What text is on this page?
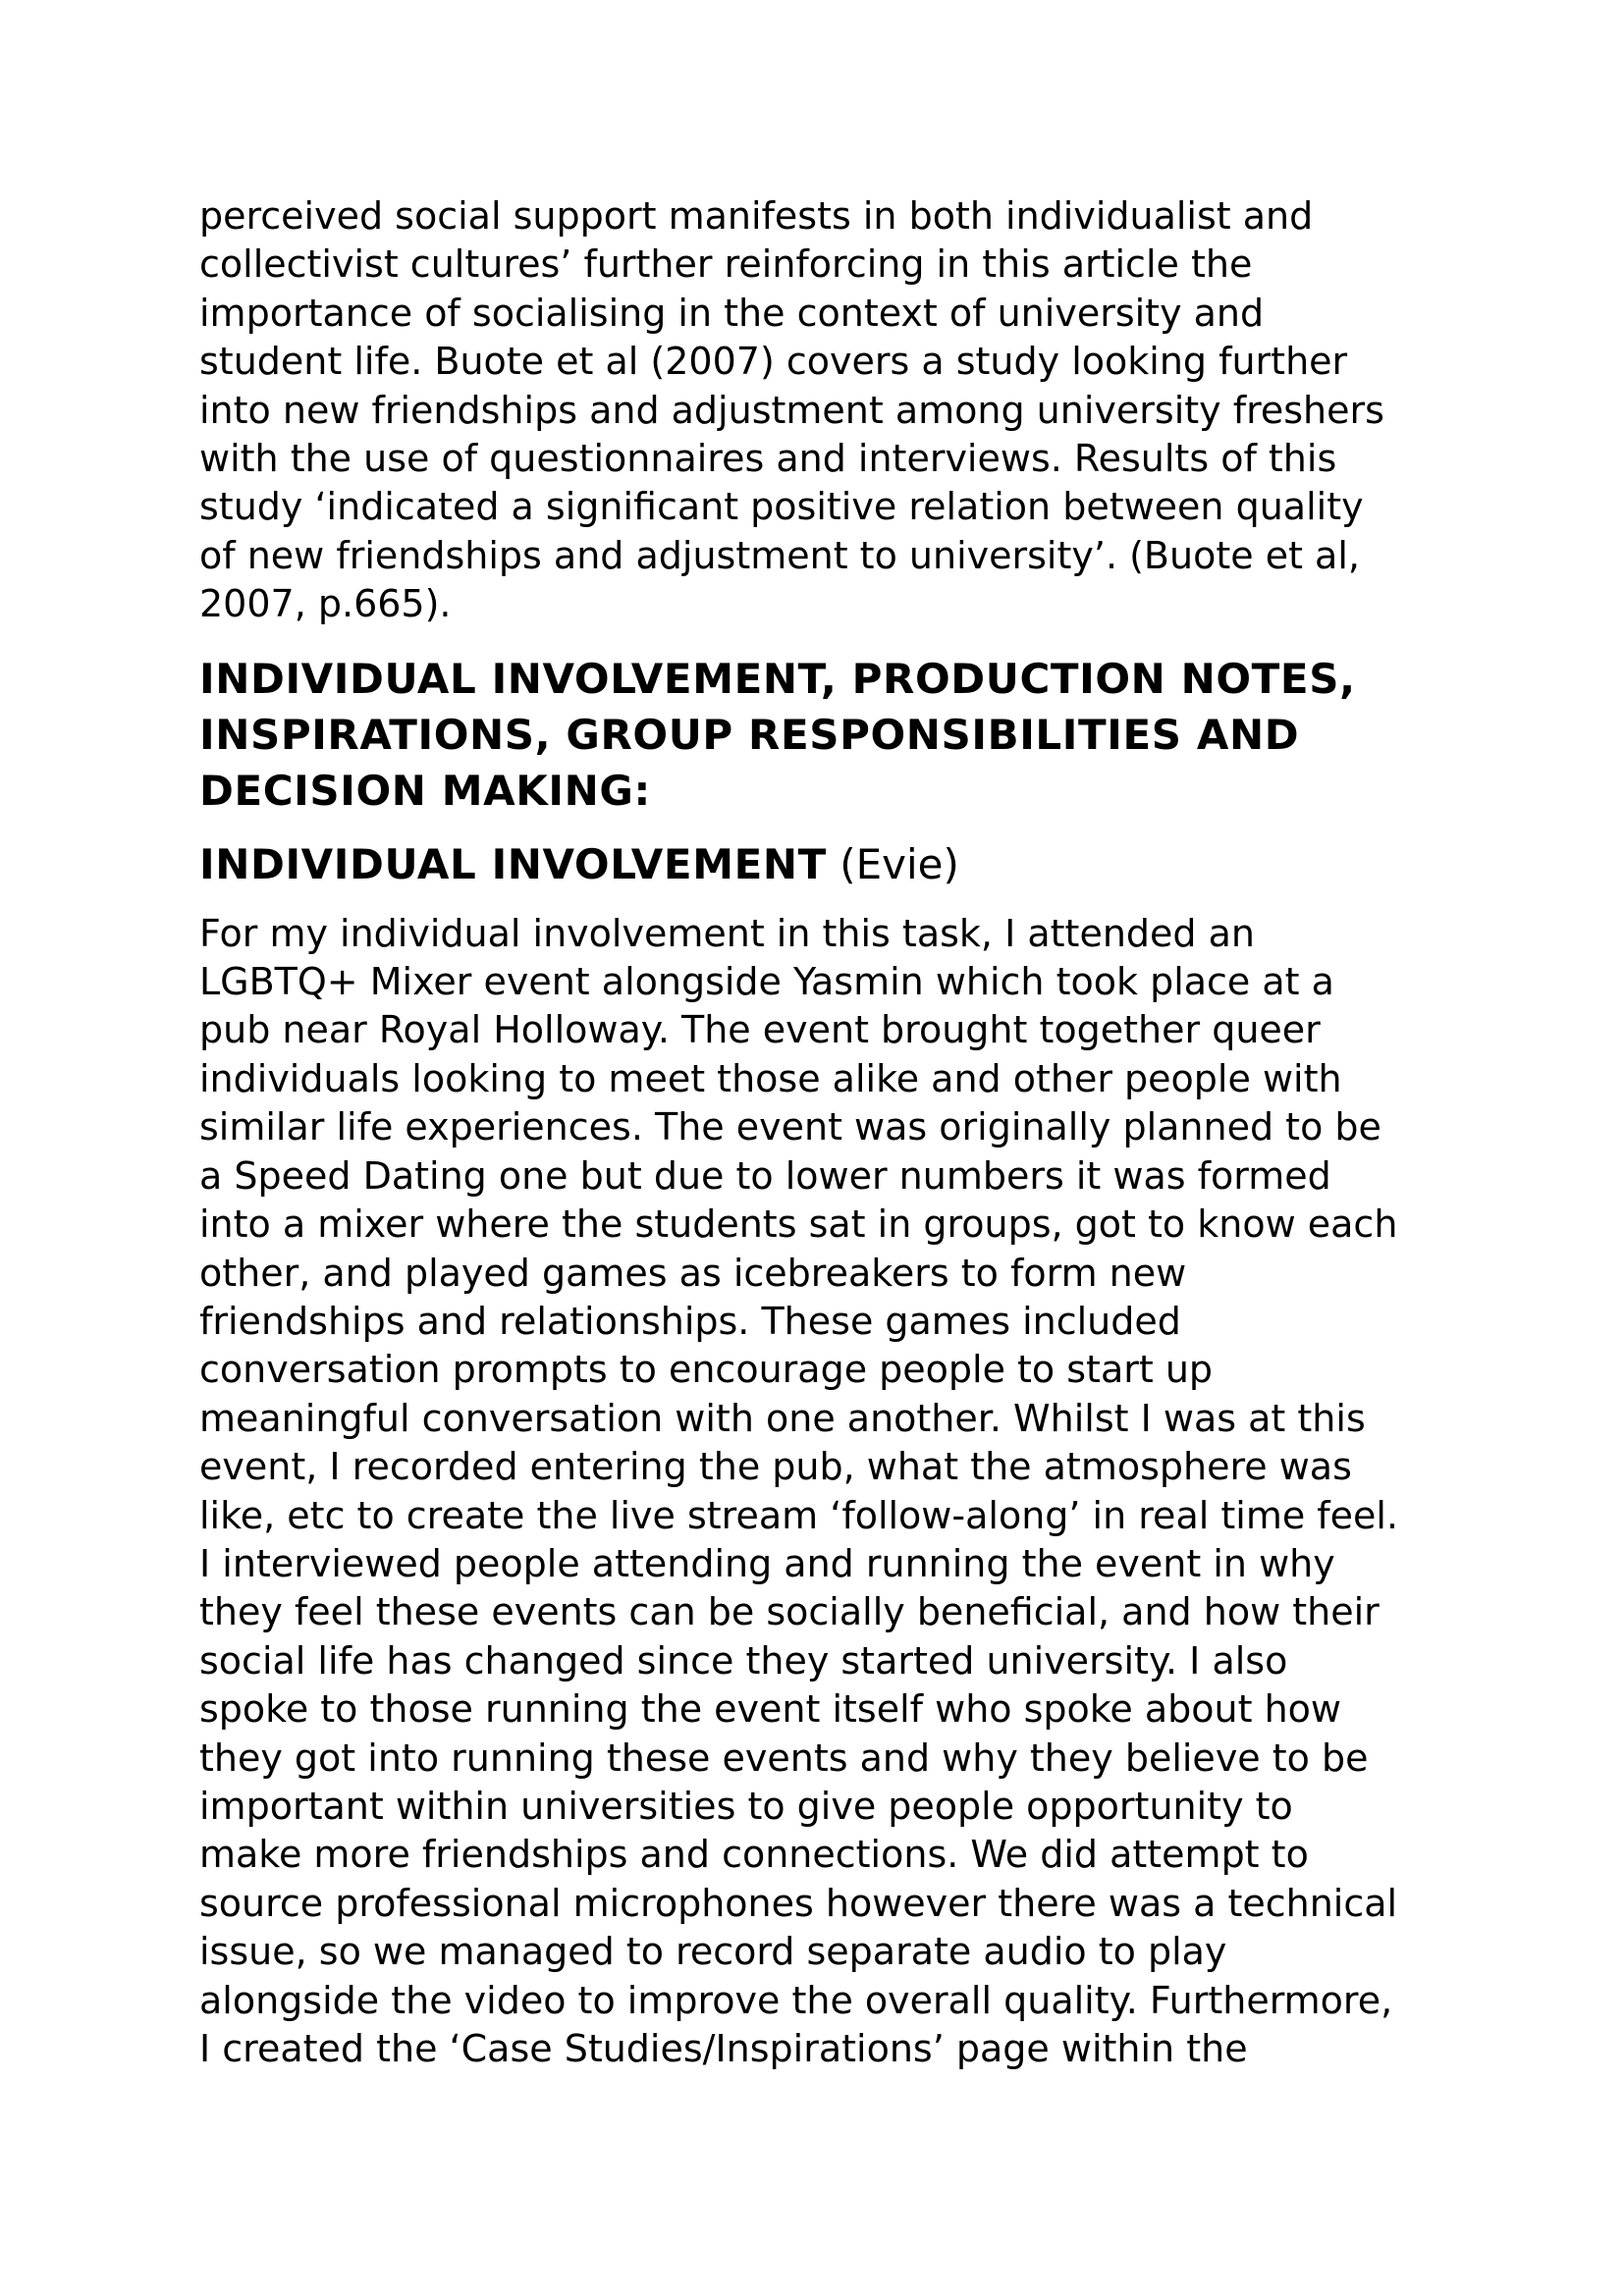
perceived social support manifests in both individualist and
collectivist cultures’ further reinforcing in this article the
importance of socialising in the context of university and
student life. Buote et al (2007) covers a study looking further
into new friendships and adjustment among university freshers
with the use of questionnaires and interviews. Results of this
study ‘indicated a significant positive relation between quality
of new friendships and adjustment to university’. (Buote et al,
2007, p.665).

INDIVIDUAL INVOLVEMENT, PRODUCTION NOTES,
INSPIRATIONS, GROUP RESPONSIBILITIES AND
DECISION MAKING:
INDIVIDUAL INVOLVEMENT (Evie)

For my individual involvement in this task, I attended an
LGBTQ+ Mixer event alongside Yasmin which took place at a
pub near Royal Holloway. The event brought together queer
individuals looking to meet those alike and other people with
similar life experiences. The event was originally planned to be
a Speed Dating one but due to lower numbers it was formed
into a mixer where the students sat in groups, got to know each
other, and played games as icebreakers to form new
friendships and relationships. These games included
conversation prompts to encourage people to start up
meaningful conversation with one another. Whilst I was at this
event, I recorded entering the pub, what the atmosphere was
like, etc to create the live stream ‘follow-along’ in real time feel.
I interviewed people attending and running the event in why
they feel these events can be socially beneficial, and how their
social life has changed since they started university. I also
spoke to those running the event itself who spoke about how
they got into running these events and why they believe to be
important within universities to give people opportunity to
make more friendships and connections. We did attempt to
source professional microphones however there was a technical
issue, so we managed to record separate audio to play
alongside the video to improve the overall quality. Furthermore,
I created the ‘Case Studies/Inspirations’ page within the
